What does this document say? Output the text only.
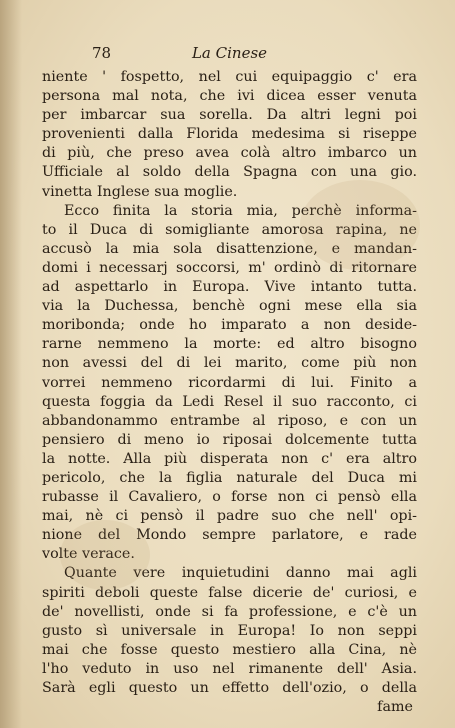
78	La Cinese
niente ' fospetto, nel cui equipaggio c' era
persona mal nota, che ivi dicea esser venuta
per imbarcar sua sorella. Da altri legni poi
provenienti dalla Florida medesima si riseppe
di più, che preso avea colà altro imbarco un
Ufficiale al soldo della Spagna con una gio.
vinetta Inglese sua moglie.
Ecco finita la storia mia, perchè informa-
to il Duca di somigliante amorosa rapina, ne
accusò la mia sola disattenzione, e mandan-
domi i necessarj soccorsi, m' ordinò di ritornare
ad aspettarlo in Europa. Vive intanto tutta.
via la Duchessa, benchè ogni mese ella sia
moribonda; onde ho imparato a non deside-
rarne nemmeno la morte: ed altro bisogno
non avessi del di lei marito, come più non
vorrei nemmeno ricordarmi di lui. Finito a
questa foggia da Ledi Resel il suo racconto, ci
abbandonammo entrambe al riposo, e con un
pensiero di meno io riposai dolcemente tutta
la notte. Alla più disperata non c' era altro
pericolo, che la figlia naturale del Duca mi
rubasse il Cavaliero, o forse non ci pensò ella
mai, nè ci pensò il padre suo che nell' opi-
nione del Mondo sempre parlatore, e rade
volte verace.
Quante vere inquietudini danno mai agli
spiriti deboli queste false dicerie de' curiosi, e
de' novellisti, onde si fa professione, e c'è un
gusto sì universale in Europa! Io non seppi
mai che fosse questo mestiero alla Cina, nè
l'ho veduto in uso nel rimanente dell' Asia.
Sarà egli questo un effetto dell'ozio, o della
fame
